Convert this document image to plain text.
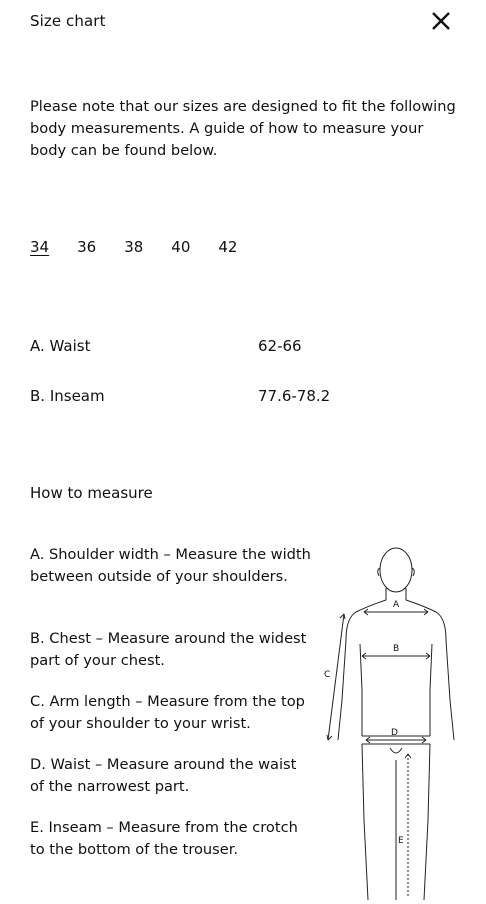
Size chart
Please note that our sizes are designed to fit the following body measurements. A guide of how to measure your body can be found below.
34 36 38 40 42
A. Waist	62-66
B. Inseam	77.6-78.2
How to measure
A. Shoulder width – Measure the width between outside of your shoulders.
B. Chest – Measure around the widest part of your chest.
C. Arm length – Measure from the top of your shoulder to your wrist.
D. Waist – Measure around the waist of the narrowest part.
E. Inseam – Measure from the crotch to the bottom of the trouser.
A
B
C
D
E
